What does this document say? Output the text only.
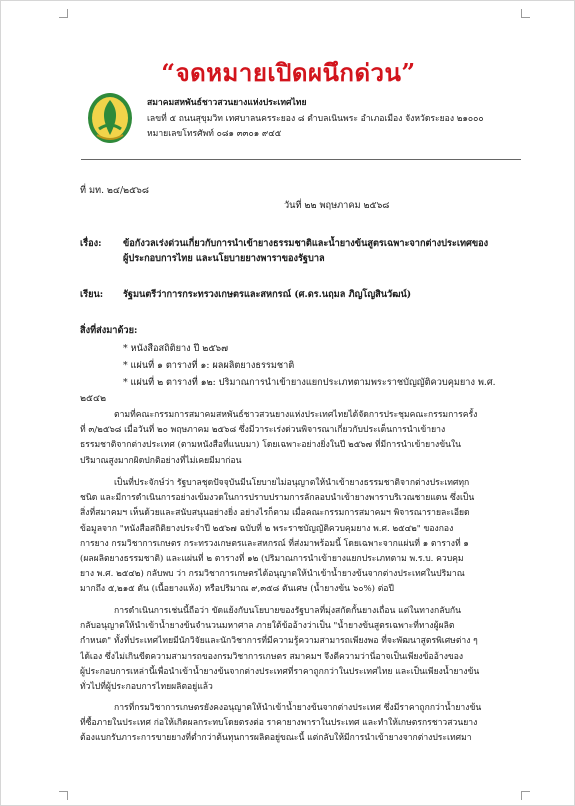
“จดหมายเปิดผนึกด่วน”
สมาคมสหพันธ์ชาวสวนยางแห่งประเทศไทย
เลขที่ ๕ ถนนสุขุมวิท เทศบาลนครระยอง ๘ ตำบลเนินพระ อำเภอเมือง จังหวัดระยอง ๒๑๐๐๐
หมายเลขโทรศัพท์ ๐๘๑ ๓๓๐๑ ๙๔๕
ที่ มท. ๒๔/๒๕๖๘
วันที่ ๒๒ พฤษภาคม ๒๕๖๘
เรื่อง: ข้อกังวลเร่งด่วนเกี่ยวกับการนำเข้ายางธรรมชาติและน้ำยางข้นสูตรเฉพาะจากต่างประเทศของ
ผู้ประกอบการไทย และนโยบายยางพาราของรัฐบาล
เรียน: รัฐมนตรีว่าการกระทรวงเกษตรและสหกรณ์ (ศ.ดร.นฤมล ภิญโญสินวัฒน์)
สิ่งที่ส่งมาด้วย:
* หนังสือสถิติยาง ปี ๒๕๖๗
* แผ่นที่ ๑ ตารางที่ ๑: ผลผลิตยางธรรมชาติ
* แผ่นที่ ๒ ตารางที่ ๑๒: ปริมาณการนำเข้ายางแยกประเภทตามพระราชบัญญัติควบคุมยาง พ.ศ.
๒๕๔๒
ตามที่คณะกรรมการสมาคมสหพันธ์ชาวสวนยางแห่งประเทศไทยได้จัดการประชุมคณะกรรมการครั้ง
ที่ ๓/๒๕๖๘ เมื่อวันที่ ๒๐ พฤษภาคม ๒๕๖๘ ซึ่งมีวาระเร่งด่วนพิจารณาเกี่ยวกับประเด็นการนำเข้ายาง
ธรรมชาติจากต่างประเทศ (ตามหนังสือที่แนบมา) โดยเฉพาะอย่างยิ่งในปี ๒๕๖๗ ที่มีการนำเข้ายางข้นใน
ปริมาณสูงมากผิดปกติอย่างที่ไม่เคยมีมาก่อน
เป็นที่ประจักษ์ว่า รัฐบาลชุดปัจจุบันมีนโยบายไม่อนุญาตให้นำเข้ายางธรรมชาติจากต่างประเทศทุก
ชนิด และมีการดำเนินการอย่างเข้มงวดในการปราบปรามการลักลอบนำเข้ายางพาราบริเวณชายแดน ซึ่งเป็น
สิ่งที่สมาคมฯ เห็นด้วยและสนับสนุนอย่างยิ่ง อย่างไรก็ตาม เมื่อคณะกรรมการสมาคมฯ พิจารณารายละเอียด
ข้อมูลจาก "หนังสือสถิติยางประจำปี ๒๕๖๗ ฉบับที่ ๒ พระราชบัญญัติควบคุมยาง พ.ศ. ๒๕๔๒" ของกอง
การยาง กรมวิชาการเกษตร กระทรวงเกษตรและสหกรณ์ ที่ส่งมาพร้อมนี้ โดยเฉพาะจากแผ่นที่ ๑ ตารางที่ ๑
(ผลผลิตยางธรรมชาติ) และแผ่นที่ ๒ ตารางที่ ๑๒ (ปริมาณการนำเข้ายางแยกประเภทตาม พ.ร.บ. ควบคุม
ยาง พ.ศ. ๒๕๔๒) กลับพบ ว่า กรมวิชาการเกษตรได้อนุญาตให้นำเข้าน้ำยางข้นจากต่างประเทศในปริมาณ
มากถึง ๕,๒๑๕ ตัน (เนื้อยางแห้ง) หรือปริมาณ ๙,๓๕๘ ตันเศษ (น้ำยางข้น ๖๐%) ต่อปี
การดำเนินการเช่นนี้ถือว่า ขัดแย้งกับนโยบายของรัฐบาลที่มุ่งสกัดกั้นยางเถื่อน แต่ในทางกลับกัน
กลับอนุญาตให้นำเข้าน้ำยางข้นจำนวนมหาศาล ภายใต้ข้ออ้างว่าเป็น "น้ำยางข้นสูตรเฉพาะที่ทางผู้ผลิต
กำหนด" ทั้งที่ประเทศไทยมีนักวิจัยและนักวิชาการที่มีความรู้ความสามารถเพียงพอ ที่จะพัฒนาสูตรพิเศษต่าง ๆ
ได้เอง ซึ่งไม่เกินขีดความสามารถของกรมวิชาการเกษตร สมาคมฯ จึงตีความว่านี่อาจเป็นเพียงข้ออ้างของ
ผู้ประกอบการเหล่านี้เพื่อนำเข้าน้ำยางข้นจากต่างประเทศที่ราคาถูกกว่าในประเทศไทย และเป็นเพียงน้ำยางข้น
ทั่วไปที่ผู้ประกอบการไทยผลิตอยู่แล้ว
การที่กรมวิชาการเกษตรยังคงอนุญาตให้นำเข้าน้ำยางข้นจากต่างประเทศ ซึ่งมีราคาถูกกว่าน้ำยางข้น
ที่ซื้อภายในประเทศ ก่อให้เกิดผลกระทบโดยตรงต่อ ราคายางพาราในประเทศ และทำให้เกษตรกรชาวสวนยาง
ต้องแบกรับภาระการขายยางที่ต่ำกว่าต้นทุนการผลิตอยู่ขณะนี้ แต่กลับให้มีการนำเข้ายางจากต่างประเทศมา
